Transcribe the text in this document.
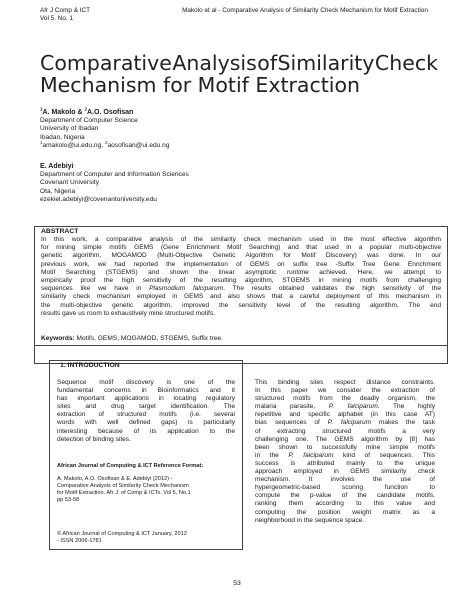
Afr J Comp & ICT
Vol 5. No. 1
Makolo et al - Comparative Analysis of Similarity Check Mechanism for Motif Extraction
Comparative Analysis of Similarity Check
Mechanism for Motif Extraction
$^1$A. Makolo & $^2$A.O. Osofisan
Department of Computer Science
University of Ibadan
Ibadan, Nigeria
$^1$amakolo@ui.edu.ng, $^2$aosofisan@ui.edu.ng
E. Adebiyi
Department of Computer and Information Sciences
Covenant University
Ota, Nigeria
ezekiel.adebiyi@covenantuniversity.edu
ABSTRACT
In this work, a comparative analysis of the similarity check mechanism used in the most effective algorithm
for mining simple motifs GEMS (Gene Enrichment Motif Searching) and that used in a popular multi-objective
genetic algorithm, MOGAMOD (Multi-Objective Genetic Algorithm for Motif Discovery) was done. In our
previous work, we had reported the implementation of GEMS on suffix tree -Suffix Tree Gene Enrichment
Motif Searching (STGEMS) and shown the linear asymptotic runtime achieved. Here, we attempt to
empirically proof the high sensitivity of the resulting algorithm, STGEMS in mining motifs from challenging
sequences like we have in Plasmodium falciparum. The results obtained validates the high sensitivity of the
similarity check mechanism employed in GEMS and also shows that a careful deployment of this mechanism in
the multi-objective genetic algorithm, improved the sensitivity level of the resulting algorithm. The end
results gave us room to exhaustively mine structured motifs.
Keywords: Motifs, GEMS, MOGAMOD, STGEMS, Suffix tree.
1. INTRODUCTION
Sequence motif discovery is one of the
fundamental concerns in Bioinformatics and it
has important applications in locating regulatory
sites and drug target identification. The
extraction of structured motifs (i.e. several
words with well defined gaps) is particularly
interesting because of its application to the
detection of binding sites.
African Journal of Computing & ICT Reference Format:
A. Makolo, A.O. Osofisan & E. Adebiyi (2012) -
Comparative Analysis of Similarity Check Mechanism
for Motif Extraction. Afr J. of Comp & ICTs. Vol 5, No.1
pp 53-58
© African Journal of Computing & ICT January, 2012
- ISSN 2006-1781
This binding sites respect distance constraints.
In this paper we consider the extraction of
structured motifs from the deadly organism, the
malaria parasite, P. falciparum. The highly
repetitive and specific alphabet (in this case AT)
bias sequences of P. falciparum makes the task
of extracting structured motifs a very
challenging one. The GEMS algorithm by [8] has
been shown to successfully mine simple motifs
in the P. falciparum kind of sequences. This
success is attributed mainly to the unique
approach employed in GEMS similarity check
mechanism. It involves the use of
hypergeometric-based scoring function to
compute the p-value of the candidate motifs,
ranking them according to this value and
computing the position weight matrix as a
neighborhood in the sequence space.
53
